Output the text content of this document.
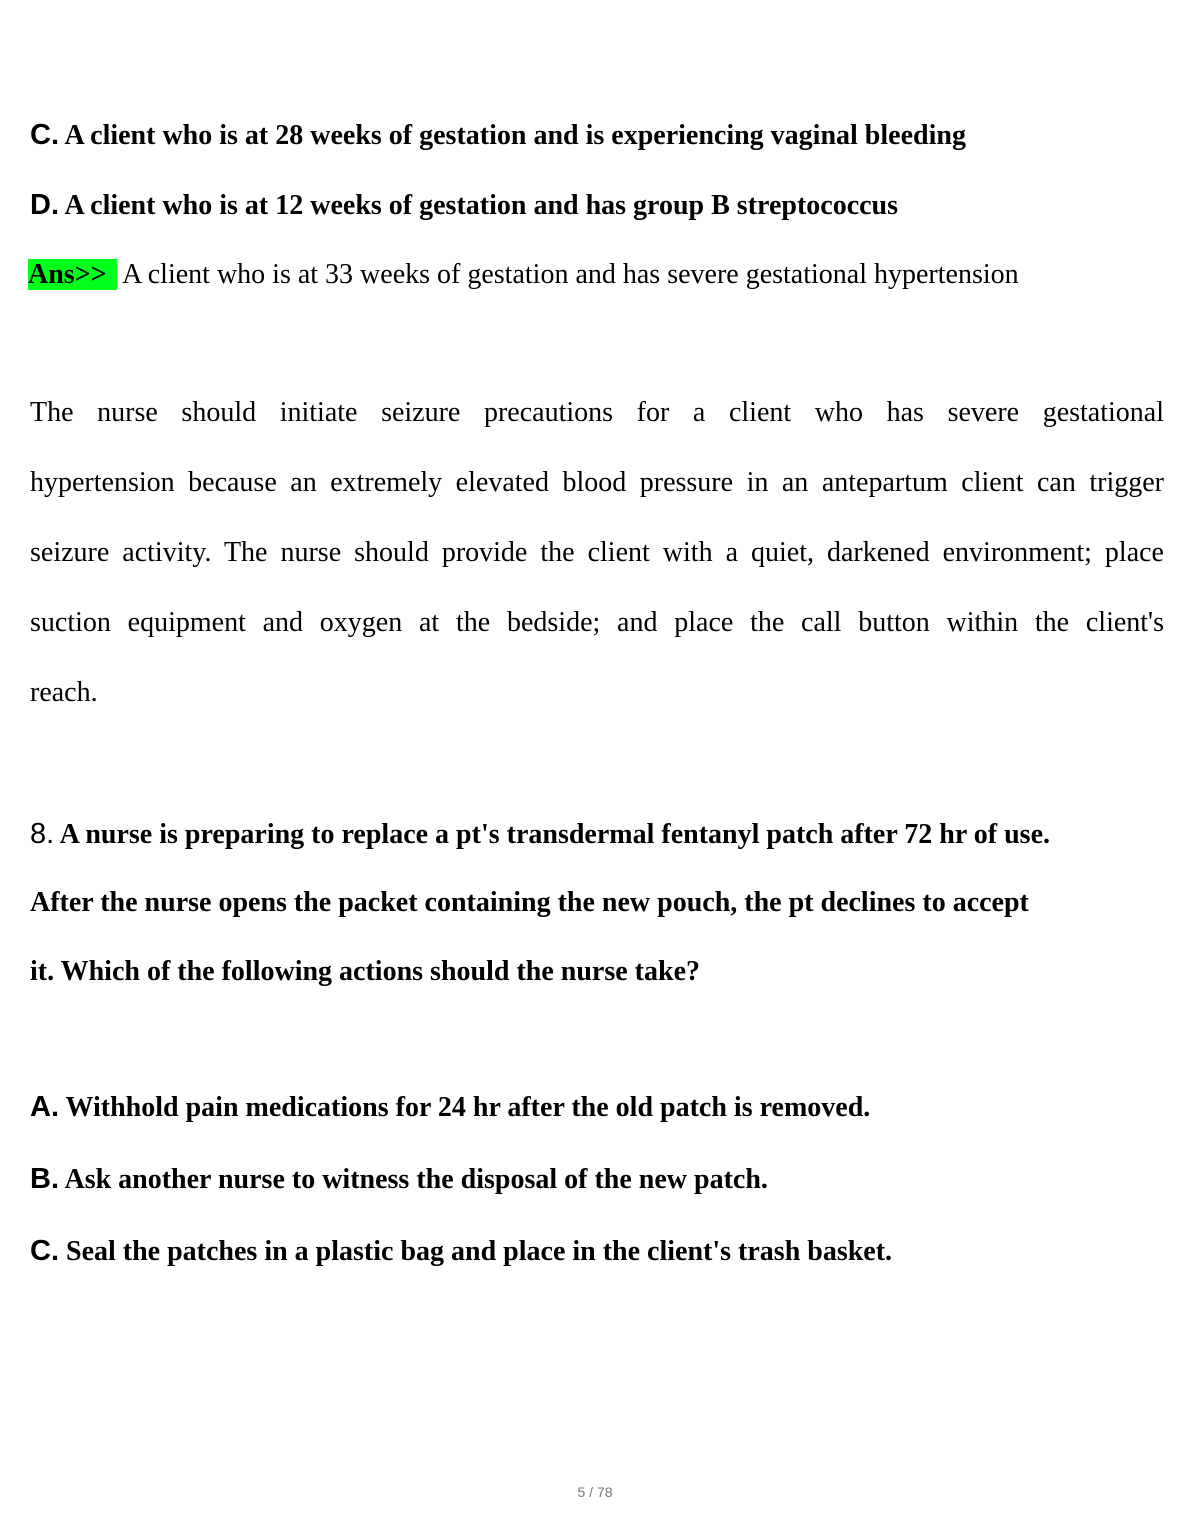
C. A client who is at 28 weeks of gestation and is experiencing vaginal bleeding
D. A client who is at 12 weeks of gestation and has group B streptococcus
Ans>> A client who is at 33 weeks of gestation and has severe gestational hypertension
The nurse should initiate seizure precautions for a client who has severe gestational
hypertension because an extremely elevated blood pressure in an antepartum client can trigger
seizure activity. The nurse should provide the client with a quiet, darkened environment; place
suction equipment and oxygen at the bedside; and place the call button within the client's
reach.
8. A nurse is preparing to replace a pt's transdermal fentanyl patch after 72 hr of use.
After the nurse opens the packet containing the new pouch, the pt declines to accept
it. Which of the following actions should the nurse take?
A. Withhold pain medications for 24 hr after the old patch is removed.
B. Ask another nurse to witness the disposal of the new patch.
C. Seal the patches in a plastic bag and place in the client's trash basket.
5 / 78
